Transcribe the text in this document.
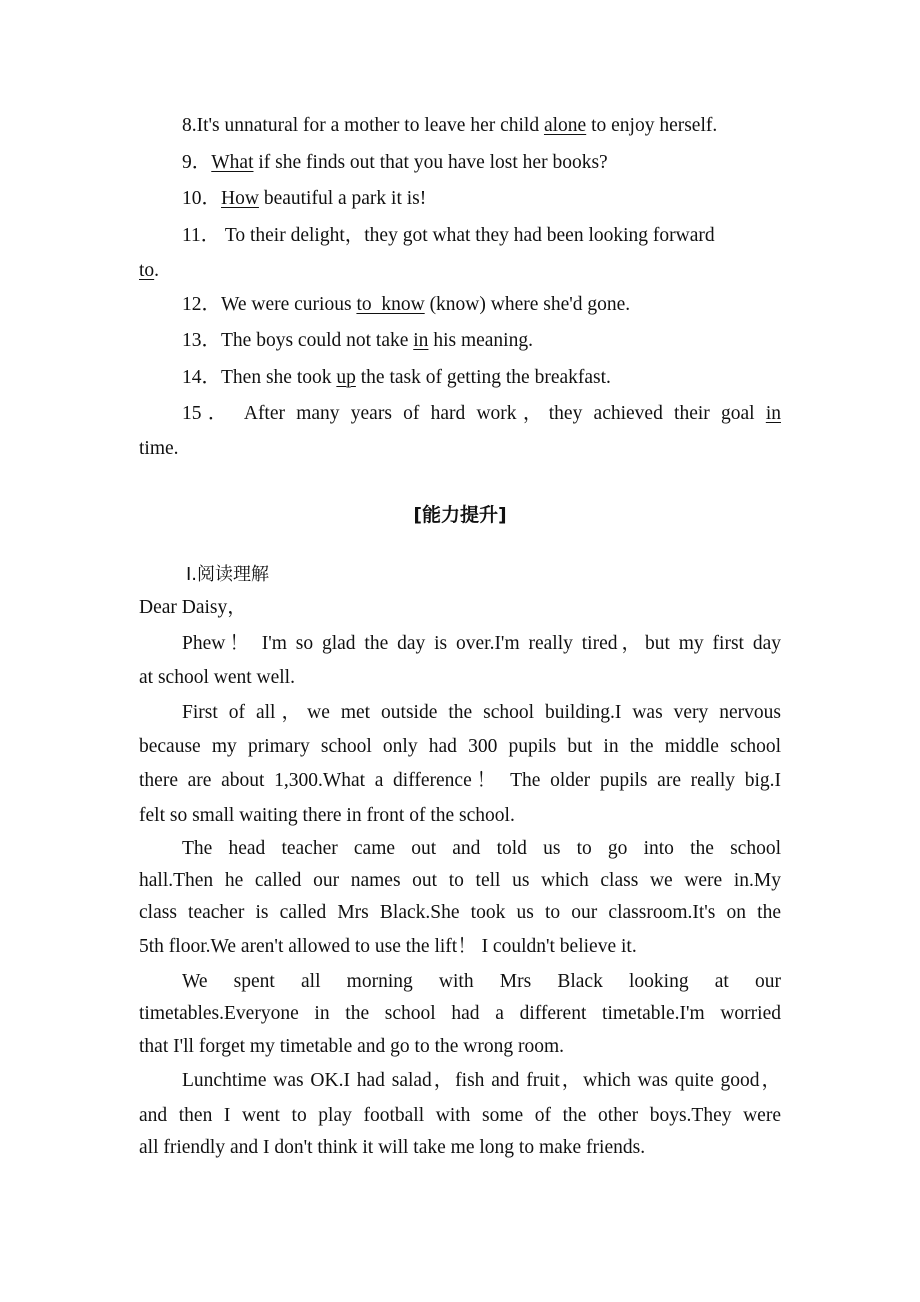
8.It's unnatural for a mother to leave her child alone to enjoy herself.
9．What if she finds out that you have lost her books?
10．How beautiful a park it is!
11． To their delight，they got what they had been looking forward
to.
12．We were curious to  know (know) where she'd gone.
13．The boys could not take in his meaning.
14．Then she took up the task of getting the breakfast.
15． After many years of hard work，they achieved their goal in
time.
[能力提升]
Ⅰ.阅读理解
Dear Daisy，
Phew！ I'm so glad the day is over.I'm really tired，but my first day
at school went well.
First of all，we met outside the school building.I was very nervous
because my primary school only had 300 pupils but in the middle school
there are about 1,300.What a difference！ The older pupils are really big.I
felt so small waiting there in front of the school.
The head teacher came out and told us to go into the school
hall.Then he called our names out to tell us which class we were in.My
class teacher is called Mrs Black.She took us to our classroom.It's on the
5th floor.We aren't allowed to use the lift！ I couldn't believe it.
We spent all morning with Mrs Black looking at our
timetables.Everyone in the school had a different timetable.I'm worried
that I'll forget my timetable and go to the wrong room.
Lunchtime was OK.I had salad，fish and fruit，which was quite good，
and then I went to play football with some of the other boys.They were
all friendly and I don't think it will take me long to make friends.
